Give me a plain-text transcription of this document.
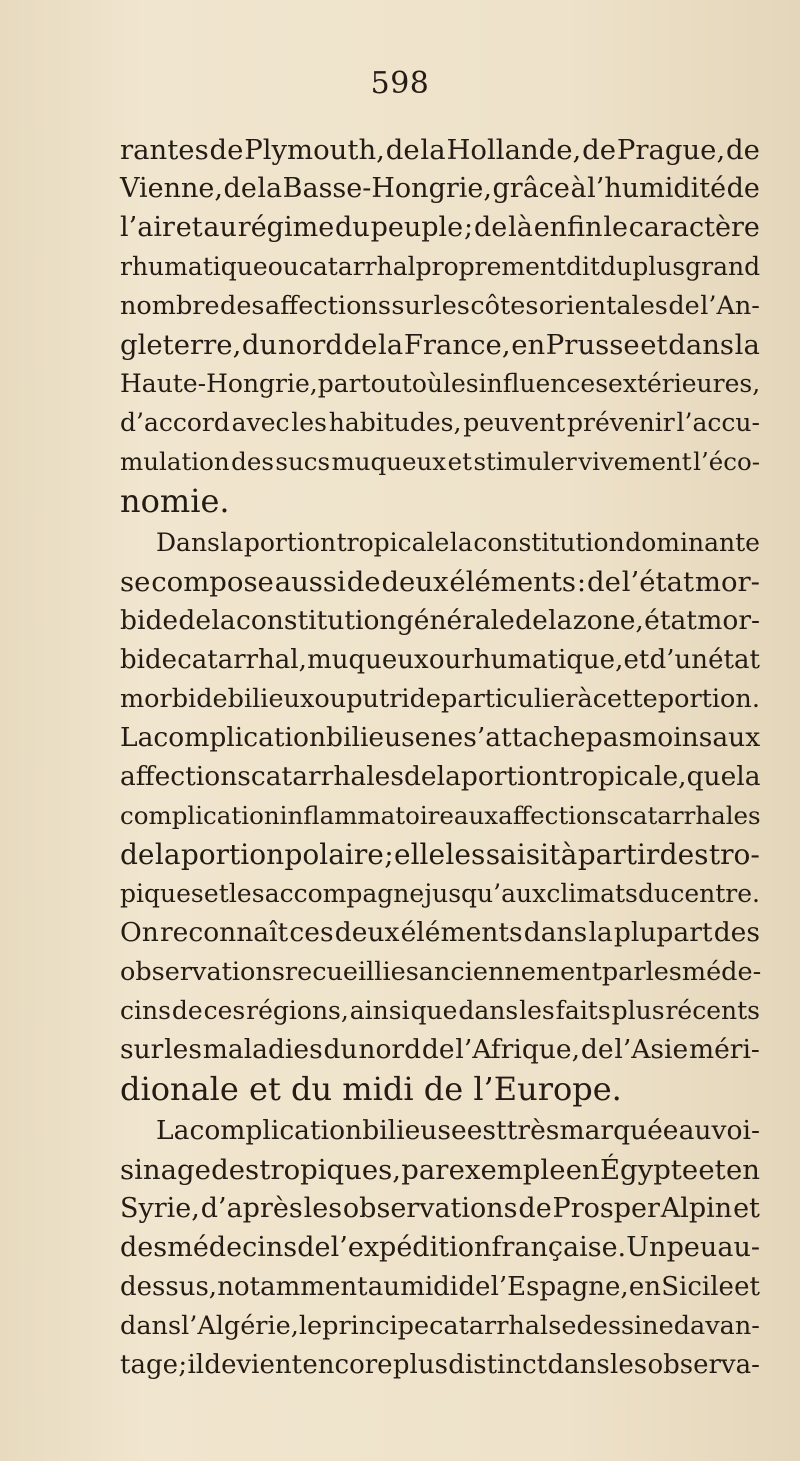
598
rantes de Plymouth, de la Hollande, de Prague, de
Vienne, de la Basse-Hongrie, grâce à l’humidité de
l’air et au régime du peuple ; de là enfin le caractère
rhumatique ou catarrhal proprement dit du plus grand
nombre des affections sur les côtes orientales de l’An-
gleterre, du nord de la France, en Prusse et dans la
Haute-Hongrie, partout où les influences extérieures,
d’accord avec les habitudes, peuvent prévenir l’accu-
mulation des sucs muqueux et stimuler vivement l’éco-
nomie.
Dans la portion tropicale la constitution dominante
se compose aussi de deux éléments : de l’état mor-
bide de la constitution générale de la zone, état mor-
bide catarrhal, muqueux ou rhumatique, et d’un état
morbide bilieux ou putride particulier à cette portion.
La complication bilieuse ne s’attache pas moins aux
affections catarrhales de la portion tropicale, que la
complication inflammatoire aux affections catarrhales
de la portion polaire ; elle les saisit à partir des tro-
piques et les accompagne jusqu’aux climats du centre.
On reconnaît ces deux éléments dans la plupart des
observations recueillies anciennement par les méde-
cins de ces régions, ainsi que dans les faits plus récents
sur les maladies du nord de l’Afrique, de l’Asie méri-
dionale et du midi de l’Europe.
La complication bilieuse est très marquée au voi-
sinage des tropiques, par exemple en Égypte et en
Syrie, d’après les observations de Prosper Alpin et
des médecins de l’expédition française. Un peu au-
dessus, notamment au midi de l’Espagne, en Sicile et
dans l’Algérie, le principe catarrhal se dessine davan-
tage ; il devient encore plus distinct dans les observa-
